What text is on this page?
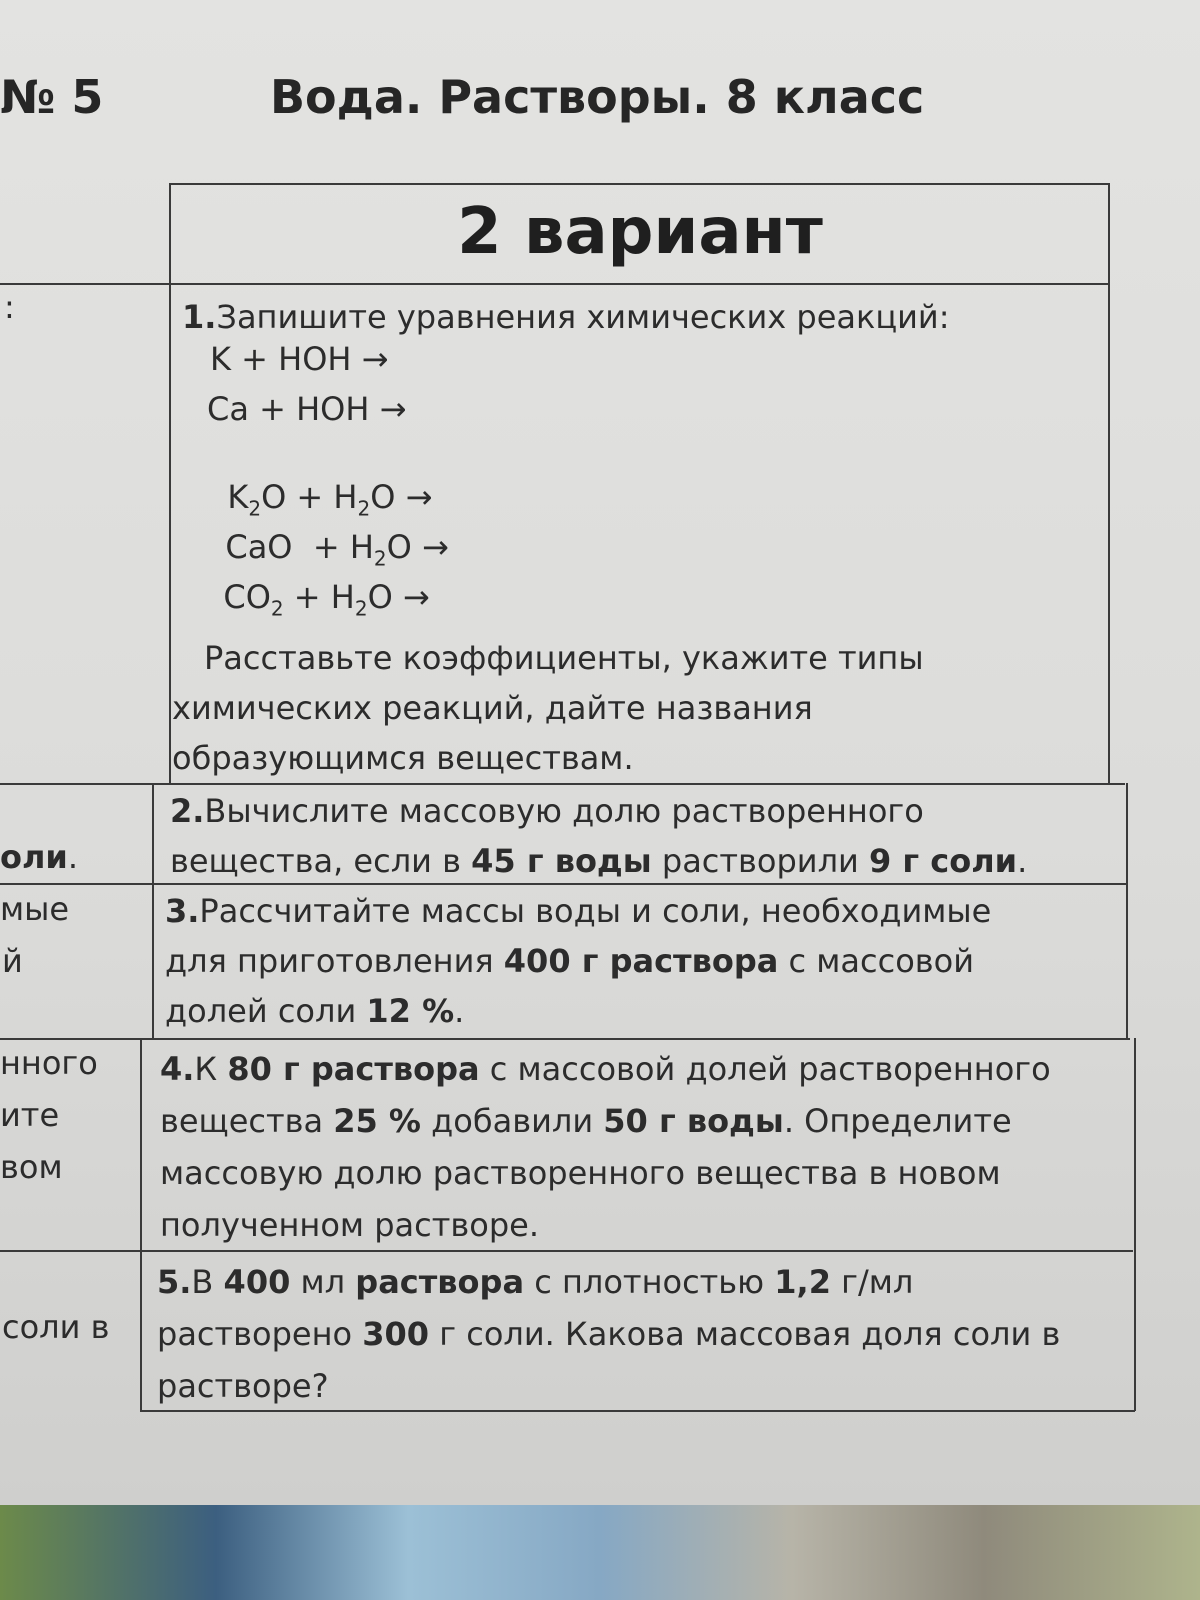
№ 5	Вода. Растворы. 8 класс
2 вариант
1.Запишите уравнения химических реакций:
K + HOH →
Ca + HOH →

$K_2O + H_2O$ →

CaO  + $H_2O$ →

$CO_2 + H_2O$ →

Расставьте коэффициенты, укажите типы
химических реакций, дайте названия
образующимся веществам.
2.Вычислите массовую долю растворенного
вещества, если в 45 г воды растворили 9 г соли.
3.Рассчитайте массы воды и соли, необходимые
для приготовления 400 г раствора с массовой
долей соли 12 %.
4.К 80 г раствора с массовой долей растворенного
вещества 25 % добавили 50 г воды. Определите
массовую долю растворенного вещества в новом
полученном растворе.
5.В 400 мл раствора с плотностью 1,2 г/мл
растворено 300 г соли. Какова массовая доля соли в
растворе?
:
оли.
мые
й
нного
ите
вом
соли в
